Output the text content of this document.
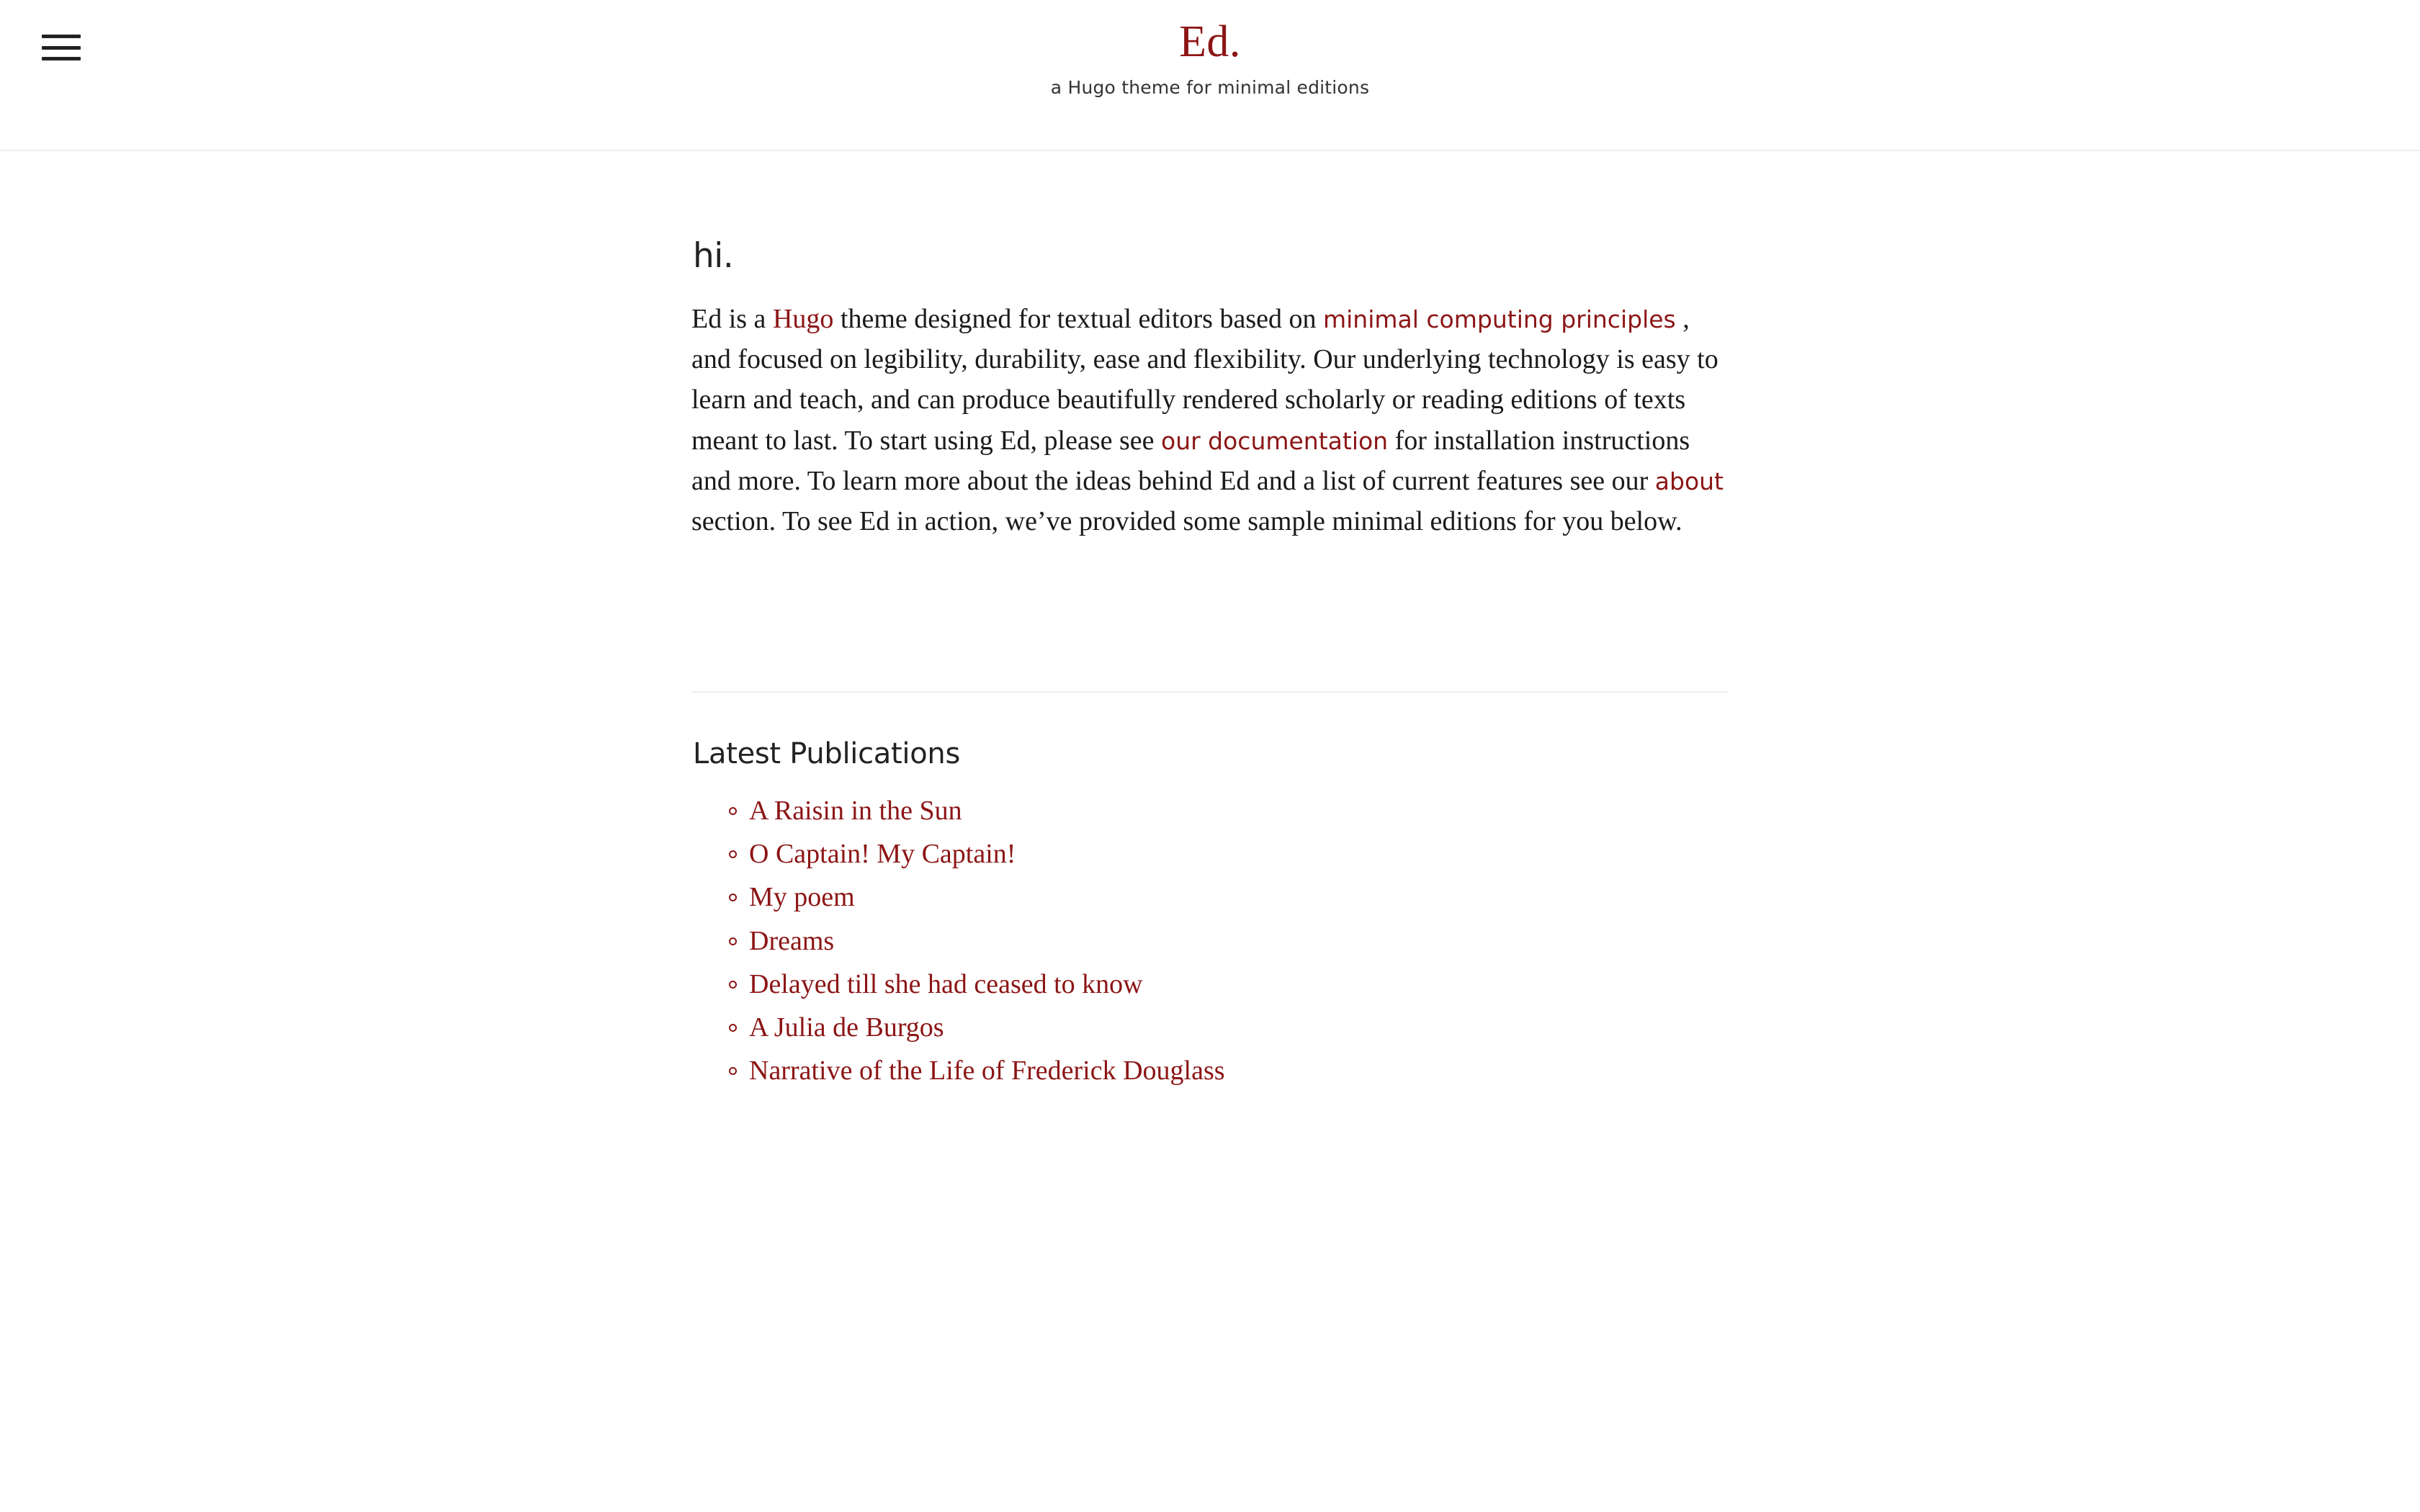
Ed.

a Hugo theme for minimal editions

hi.

Ed is a Hugo theme designed for textual editors based on minimal computing principles , and focused on legibility, durability, ease and flexibility. Our underlying technology is easy to learn and teach, and can produce beautifully rendered scholarly or reading editions of texts meant to last. To start using Ed, please see our documentation for installation instructions and more. To learn more about the ideas behind Ed and a list of current features see our about section. To see Ed in action, we’ve provided some sample minimal editions for you below.

Latest Publications
A Raisin in the Sun
O Captain! My Captain!
My poem
Dreams
Delayed till she had ceased to know
A Julia de Burgos
Narrative of the Life of Frederick Douglass
